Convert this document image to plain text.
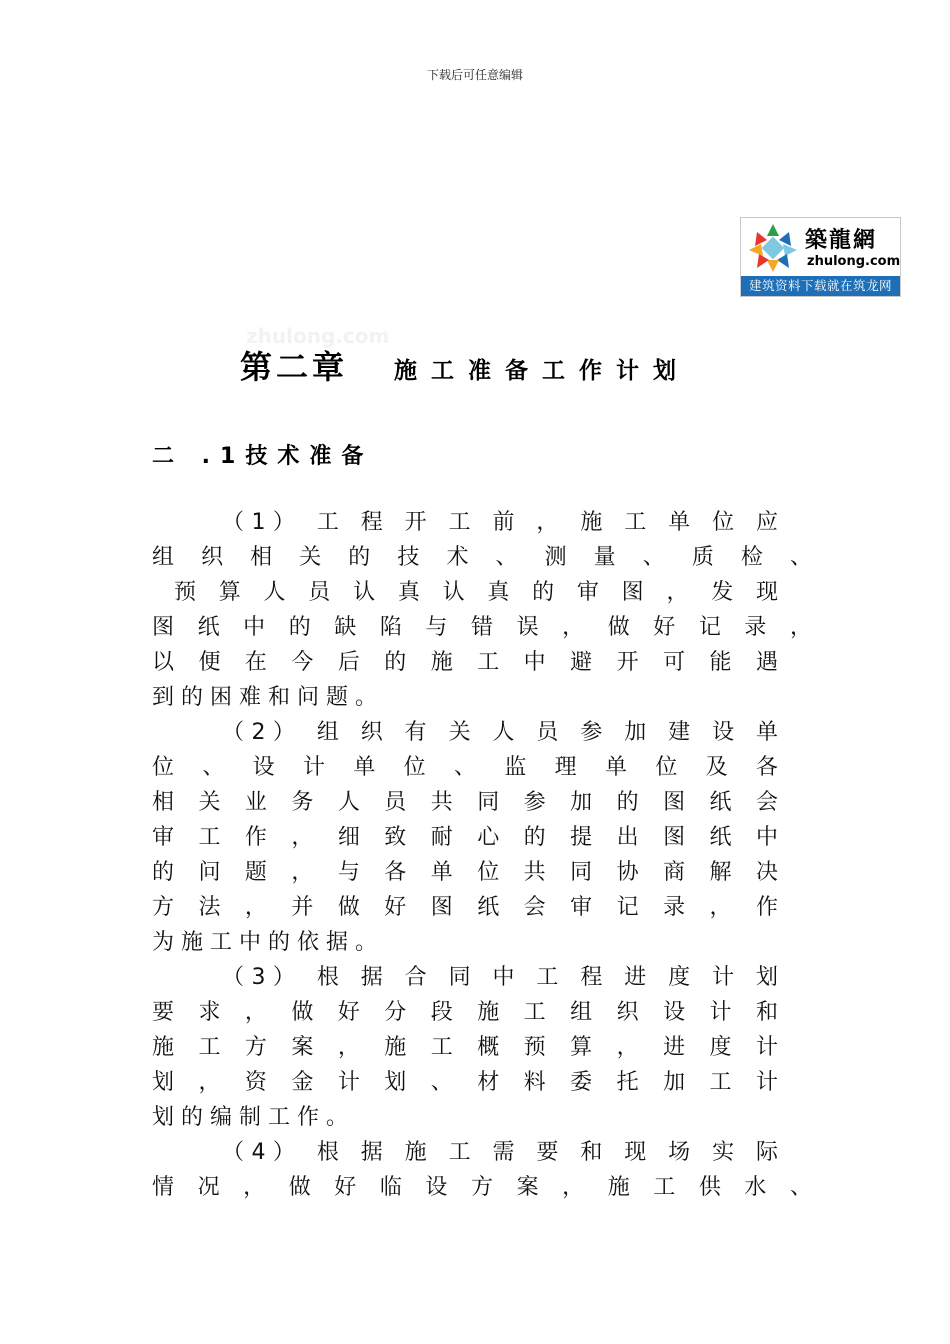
下载后可任意编辑
築龍網
zhulong.com
建筑资料下载就在筑龙网
zhulong.com
第二章 施工准备工作计划
二 .1技术准备
（1） 工 程 开 工 前 ， 施 工 单 位 应
组 织 相 关 的 技 术 、 测 量 、 质 检 、
预 算 人 员 认 真 认 真 的 审 图 ， 发 现
图 纸 中 的 缺 陷 与 错 误 ， 做 好 记 录 ，
以 便 在 今 后 的 施 工 中 避 开 可 能 遇
到 的 困 难 和 问 题 。
（2） 组 织 有 关 人 员 参 加 建 设 单
位 、 设 计 单 位 、 监 理 单 位 及 各
相 关 业 务 人 员 共 同 参 加 的 图 纸 会
审 工 作 ， 细 致 耐 心 的 提 出 图 纸 中
的 问 题 ， 与 各 单 位 共 同 协 商 解 决
方 法 ， 并 做 好 图 纸 会 审 记 录 ， 作
为 施 工 中 的 依 据 。
（3） 根 据 合 同 中 工 程 进 度 计 划
要 求 ， 做 好 分 段 施 工 组 织 设 计 和
施 工 方 案 ， 施 工 概 预 算 ， 进 度 计
划 ， 资 金 计 划 、 材 料 委 托 加 工 计
划 的 编 制 工 作 。
（4） 根 据 施 工 需 要 和 现 场 实 际
情 况 ， 做 好 临 设 方 案 ， 施 工 供 水 、
